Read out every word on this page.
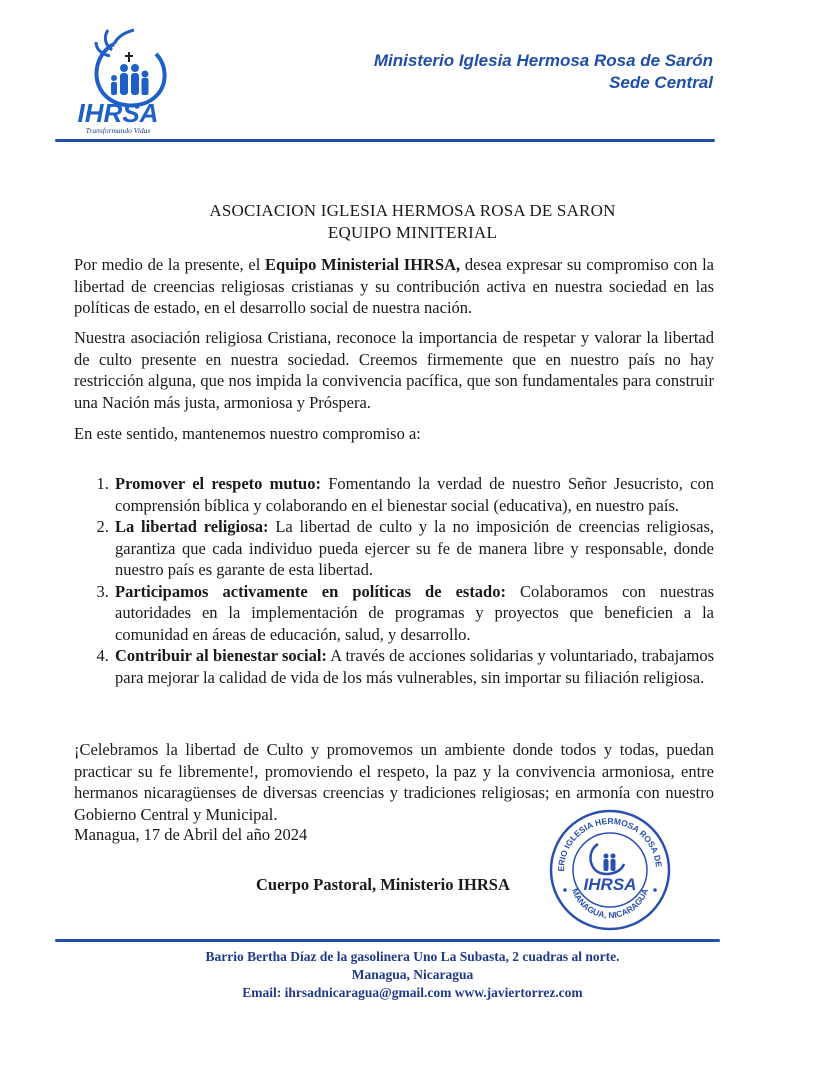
IHRSA
Transformando Vidas
Ministerio Iglesia Hermosa Rosa de Sarón
Sede Central
ASOCIACION IGLESIA HERMOSA ROSA DE SARON
EQUIPO MINITERIAL

Por medio de la presente, el Equipo Ministerial IHRSA, desea expresar su compromiso con la libertad de creencias religiosas cristianas y su contribución activa en nuestra sociedad en las políticas de estado, en el desarrollo social de nuestra nación.

Nuestra asociación religiosa Cristiana, reconoce la importancia de respetar y valorar la libertad de culto presente en nuestra sociedad. Creemos firmemente que en nuestro país no hay restricción alguna, que nos impida la convivencia pacífica, que son fundamentales para construir una Nación más justa, armoniosa y Próspera.

En este sentido, mantenemos nuestro compromiso a:

1. Promover el respeto mutuo: Fomentando la verdad de nuestro Señor Jesucristo, con comprensión bíblica y colaborando en el bienestar social (educativa), en nuestro país.
2. La libertad religiosa: La libertad de culto y la no imposición de creencias religiosas, garantiza que cada individuo pueda ejercer su fe de manera libre y responsable, donde nuestro país es garante de esta libertad.
3. Participamos activamente en políticas de estado: Colaboramos con nuestras autoridades en la implementación de programas y proyectos que beneficien a la comunidad en áreas de educación, salud, y desarrollo.
4. Contribuir al bienestar social: A través de acciones solidarias y voluntariado, trabajamos para mejorar la calidad de vida de los más vulnerables, sin importar su filiación religiosa.

¡Celebramos la libertad de Culto y promovemos un ambiente donde todos y todas, puedan practicar su fe libremente!, promoviendo el respeto, la paz y la convivencia armoniosa, entre hermanos nicaragüenses de diversas creencias y tradiciones religiosas; en armonía con nuestro Gobierno Central y Municipal.

Managua, 17 de Abril del año 2024
Cuerpo Pastoral, Ministerio IHRSA
ERIO IGLESIA HERMOSA ROSA DE
MANAGUA, NICARAGUA
IHRSA
Barrio Bertha Díaz de la gasolinera Uno La Subasta, 2 cuadras al norte.
Managua, Nicaragua
Email: ihrsadnicaragua@gmail.com www.javiertorrez.com
